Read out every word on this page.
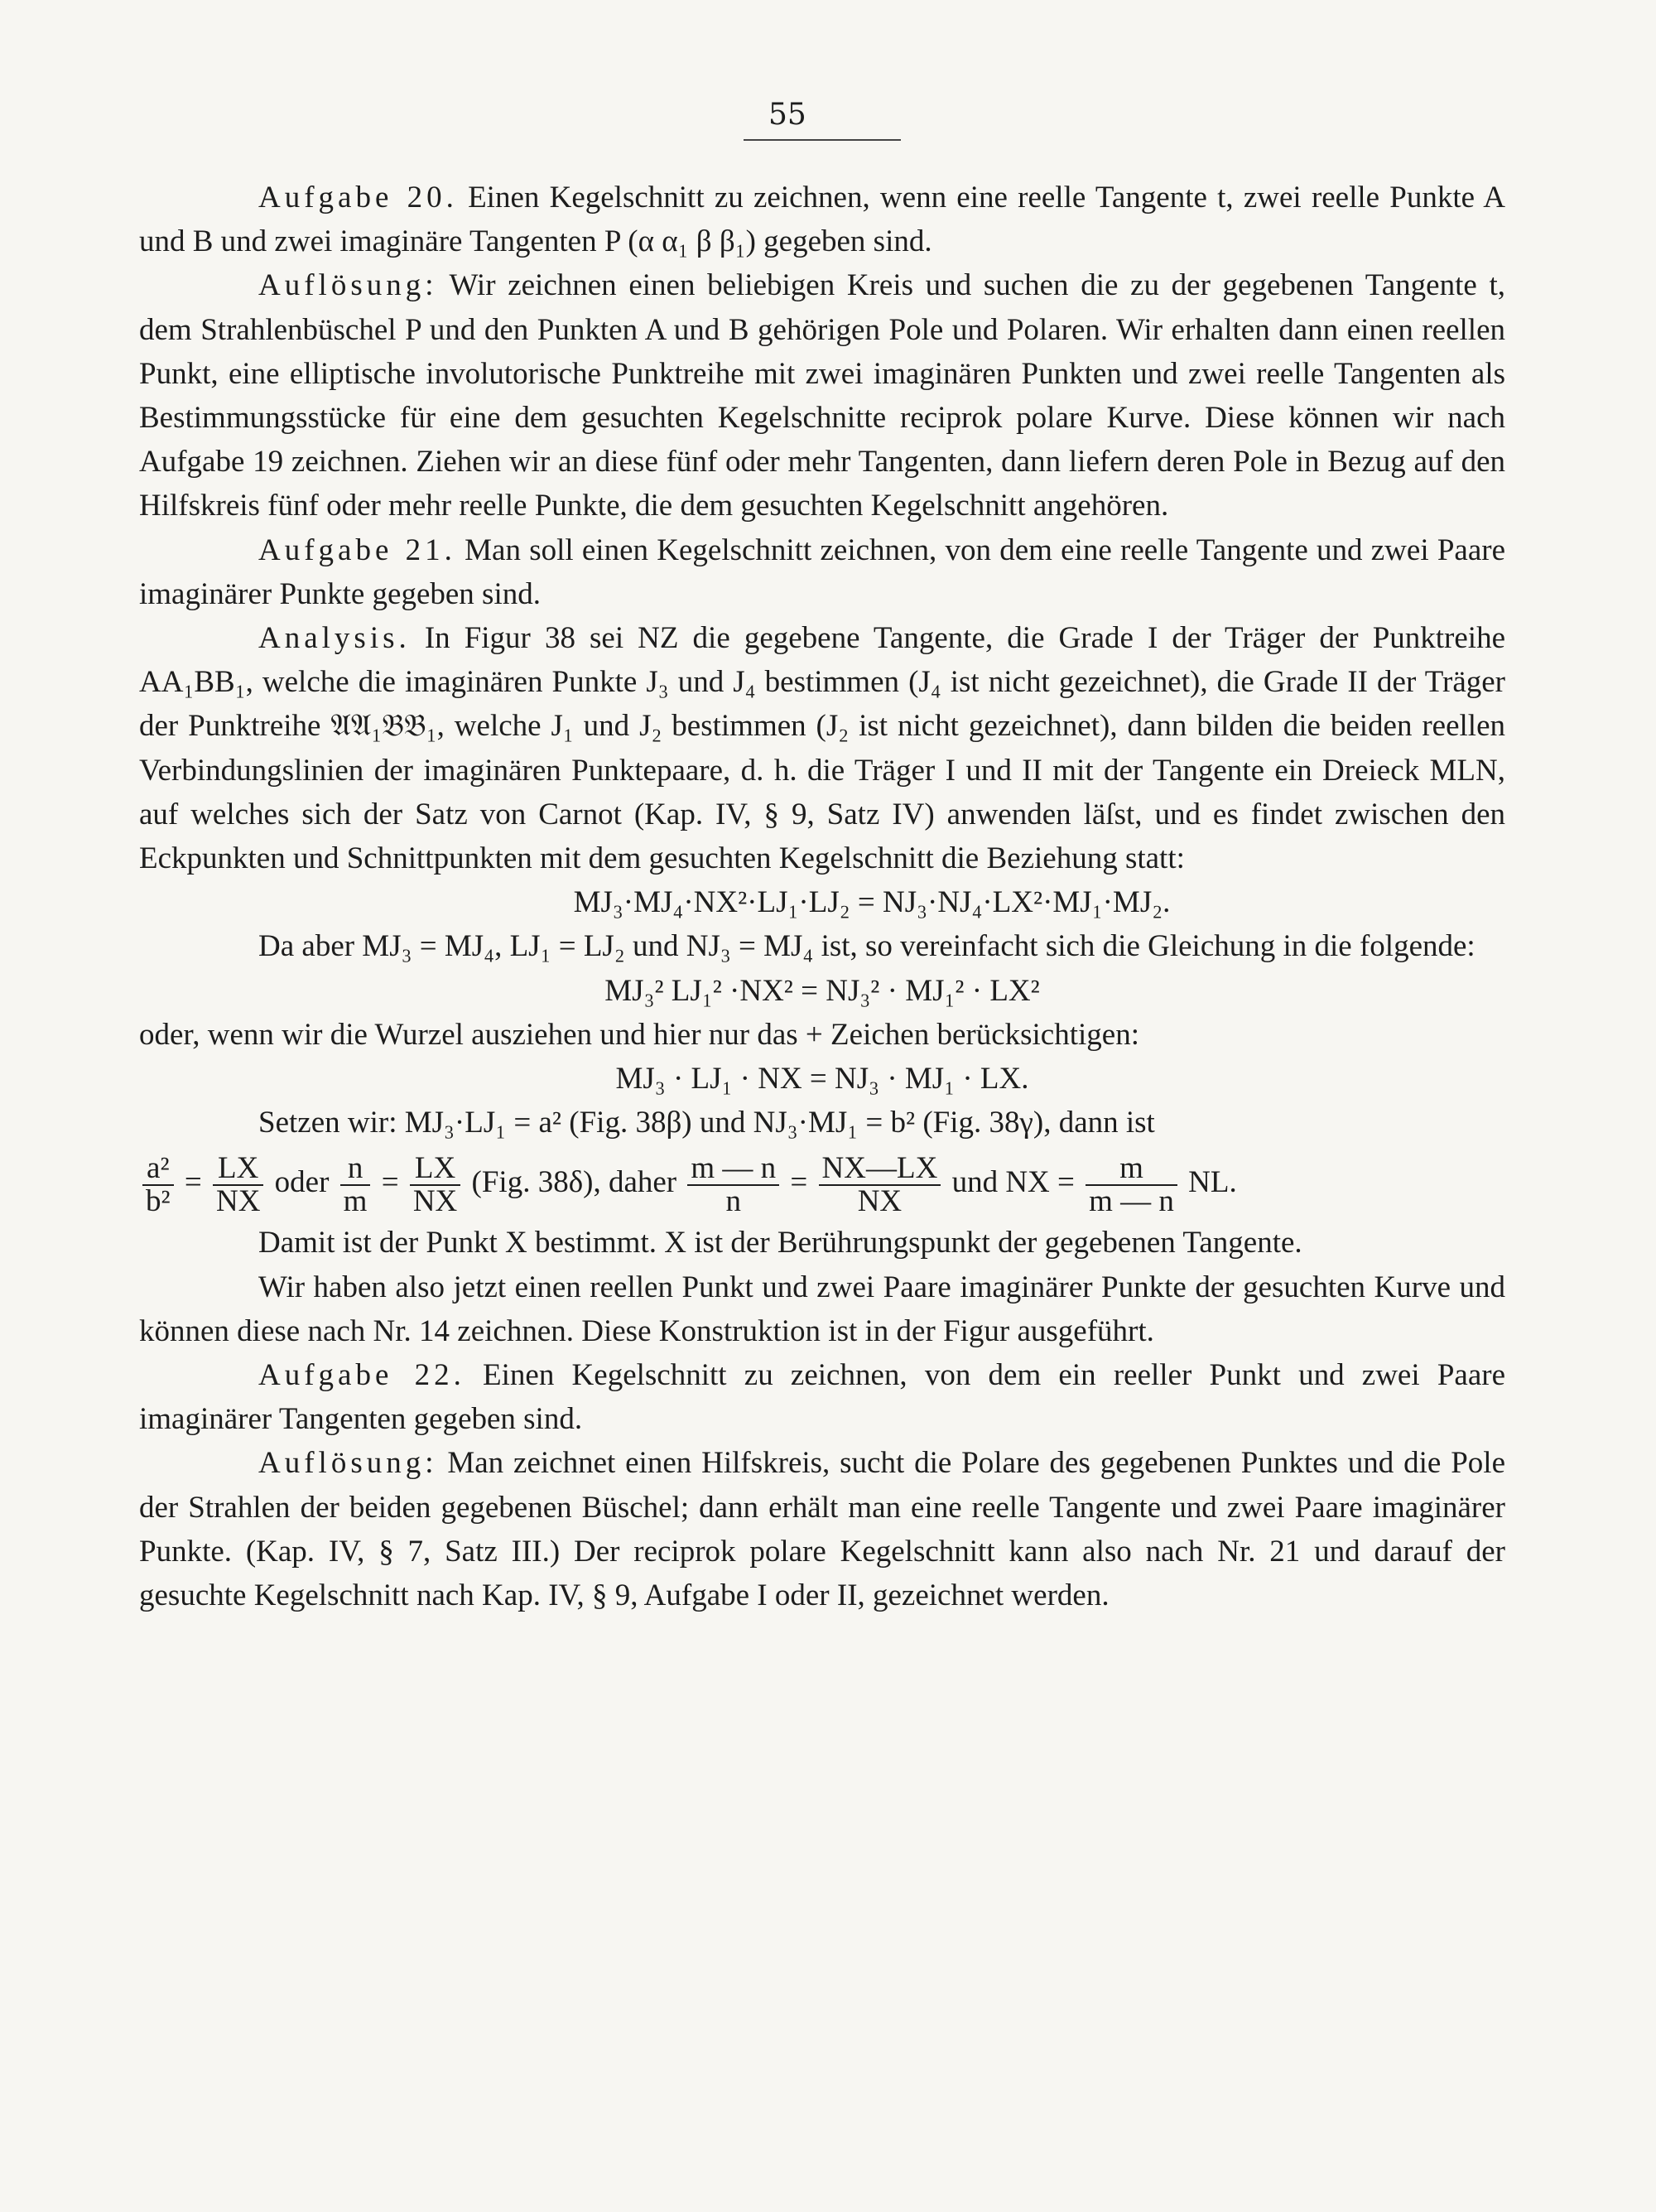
55

Aufgabe 20. Einen Kegelschnitt zu zeichnen, wenn eine reelle Tangente t, zwei reelle Punkte A und B und zwei imaginäre Tangenten P (α α₁ β β₁) gegeben sind.

Auflösung: Wir zeichnen einen beliebigen Kreis und suchen die zu der gegebenen Tangente t, dem Strahlenbüschel P und den Punkten A und B gehörigen Pole und Polaren. Wir erhalten dann einen reellen Punkt, eine elliptische involutorische Punktreihe mit zwei imaginären Punkten und zwei reelle Tangenten als Bestimmungsstücke für eine dem gesuchten Kegelschnitte reciprok polare Kurve. Diese können wir nach Aufgabe 19 zeichnen. Ziehen wir an diese fünf oder mehr Tangenten, dann liefern deren Pole in Bezug auf den Hilfskreis fünf oder mehr reelle Punkte, die dem gesuchten Kegelschnitt angehören.

Aufgabe 21. Man soll einen Kegelschnitt zeichnen, von dem eine reelle Tangente und zwei Paare imaginärer Punkte gegeben sind.

Analysis. In Figur 38 sei NZ die gegebene Tangente, die Grade I der Träger der Punktreihe AA₁BB₁, welche die imaginären Punkte J₃ und J₄ bestimmen (J₄ ist nicht gezeichnet), die Grade II der Träger der Punktreihe 𝔄𝔄₁𝔅𝔅₁, welche J₁ und J₂ bestimmen (J₂ ist nicht gezeichnet), dann bilden die beiden reellen Verbindungslinien der imaginären Punktepaare, d. h. die Träger I und II mit der Tangente ein Dreieck MLN, auf welches sich der Satz von Carnot (Kap. IV, § 9, Satz IV) anwenden läſst, und es findet zwischen den Eckpunkten und Schnittpunkten mit dem gesuchten Kegelschnitt die Beziehung statt:

MJ₃·MJ₄·NX²·LJ₁·LJ₂ = NJ₃·NJ₄·LX²·MJ₁·MJ₂.

Da aber MJ₃ = MJ₄, LJ₁ = LJ₂ und NJ₃ = MJ₄ ist, so vereinfacht sich die Gleichung in die folgende:

MJ₃² LJ₁² ·NX² = NJ₃² · MJ₁² · LX²

oder, wenn wir die Wurzel ausziehen und hier nur das + Zeichen berücksichtigen:

MJ₃ · LJ₁ · NX = NJ₃ · MJ₁ · LX.

Setzen wir: MJ₃·LJ₁ = a² (Fig. 38β) und NJ₃·MJ₁ = b² (Fig. 38γ), dann ist

$\frac{\text{a²}}{\text{b²}} = \frac{LX}{NX}$ oder $\frac{n}{m} = \frac{LX}{NX} (Fig$. 38δ), daher $\frac{m — n}{n} = \frac{NX—LX}{NX}$ und NX = $\frac{m}{m — n}$ NL.

Damit ist der Punkt X bestimmt. X ist der Berührungspunkt der gegebenen Tangente.

Wir haben also jetzt einen reellen Punkt und zwei Paare imaginärer Punkte der gesuchten Kurve und können diese nach Nr. 14 zeichnen. Diese Konstruktion ist in der Figur ausgeführt.

Aufgabe 22. Einen Kegelschnitt zu zeichnen, von dem ein reeller Punkt und zwei Paare imaginärer Tangenten gegeben sind.

Auflösung: Man zeichnet einen Hilfskreis, sucht die Polare des gegebenen Punktes und die Pole der Strahlen der beiden gegebenen Büschel; dann erhält man eine reelle Tangente und zwei Paare imaginärer Punkte. (Kap. IV, § 7, Satz III.) Der reciprok polare Kegelschnitt kann also nach Nr. 21 und darauf der gesuchte Kegelschnitt nach Kap. IV, § 9, Aufgabe I oder II, gezeichnet werden.
